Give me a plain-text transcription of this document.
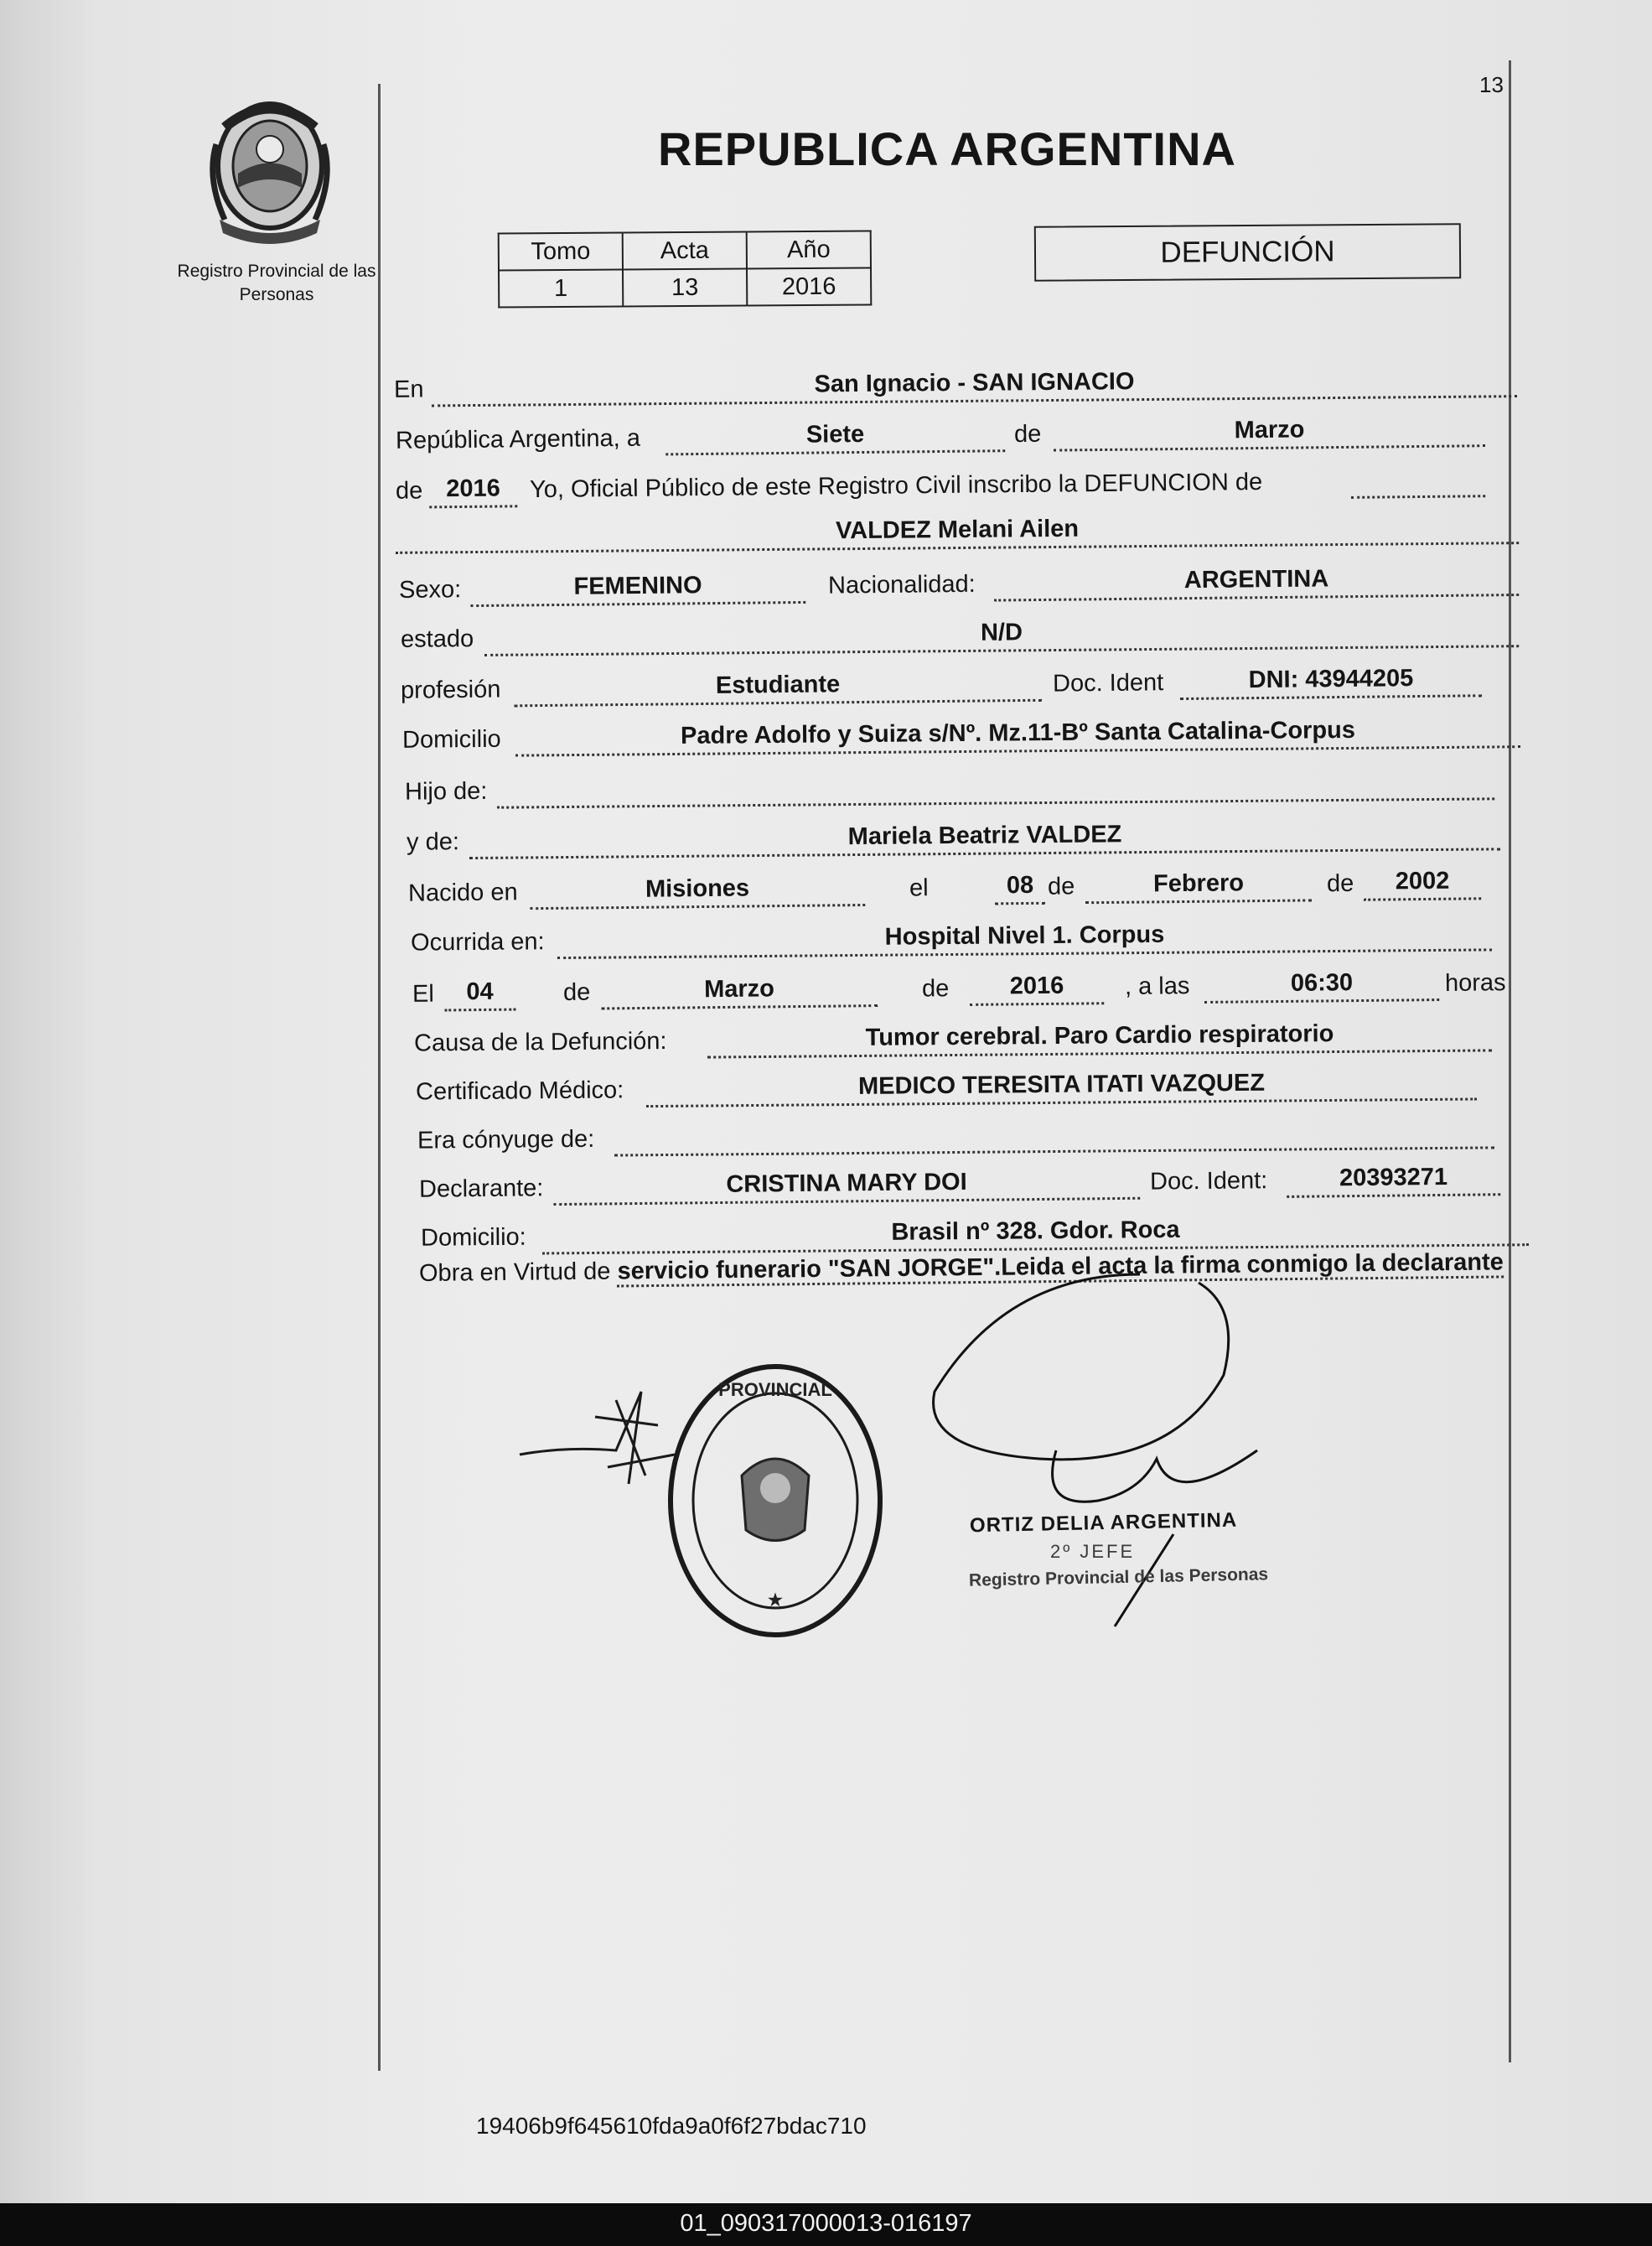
13
Registro Provincial de las Personas
REPUBLICA ARGENTINA
Tomo	Acta	Año
1	13	2016
DEFUNCIÓN
En	San Ignacio - SAN IGNACIO
República Argentina, a	Siete	de	Marzo
de 2016	Yo, Oficial Público de este Registro Civil inscribo la DEFUNCION de
VALDEZ Melani Ailen
Sexo:	FEMENINO	Nacionalidad:	ARGENTINA
estado	N/D
profesión	Estudiante	Doc. Ident	DNI: 43944205
Domicilio	Padre Adolfo y Suiza s/Nº. Mz.11-Bº Santa Catalina-Corpus
Hijo de:
y de:	Mariela Beatriz VALDEZ
Nacido en	Misiones	el	08 de	Febrero	de	2002
Ocurrida en:	Hospital Nivel 1. Corpus
El	04	de	Marzo	de	2016	, a las	06:30	horas
Causa de la Defunción:	Tumor cerebral. Paro Cardio respiratorio
Certificado Médico:	MEDICO TERESITA ITATI VAZQUEZ
Era cónyuge de:
Declarante:	CRISTINA MARY DOI	Doc. Ident:	20393271
Domicilio:	Brasil nº 328. Gdor. Roca
Obra en Virtud de servicio funerario "SAN JORGE".Leida el acta la firma conmigo la declarante
PROVINCIAL
★
ORTIZ DELIA ARGENTINA
2º JEFE
Registro Provincial de las Personas
19406b9f645610fda9a0f6f27bdac710
01_090317000013-016197
